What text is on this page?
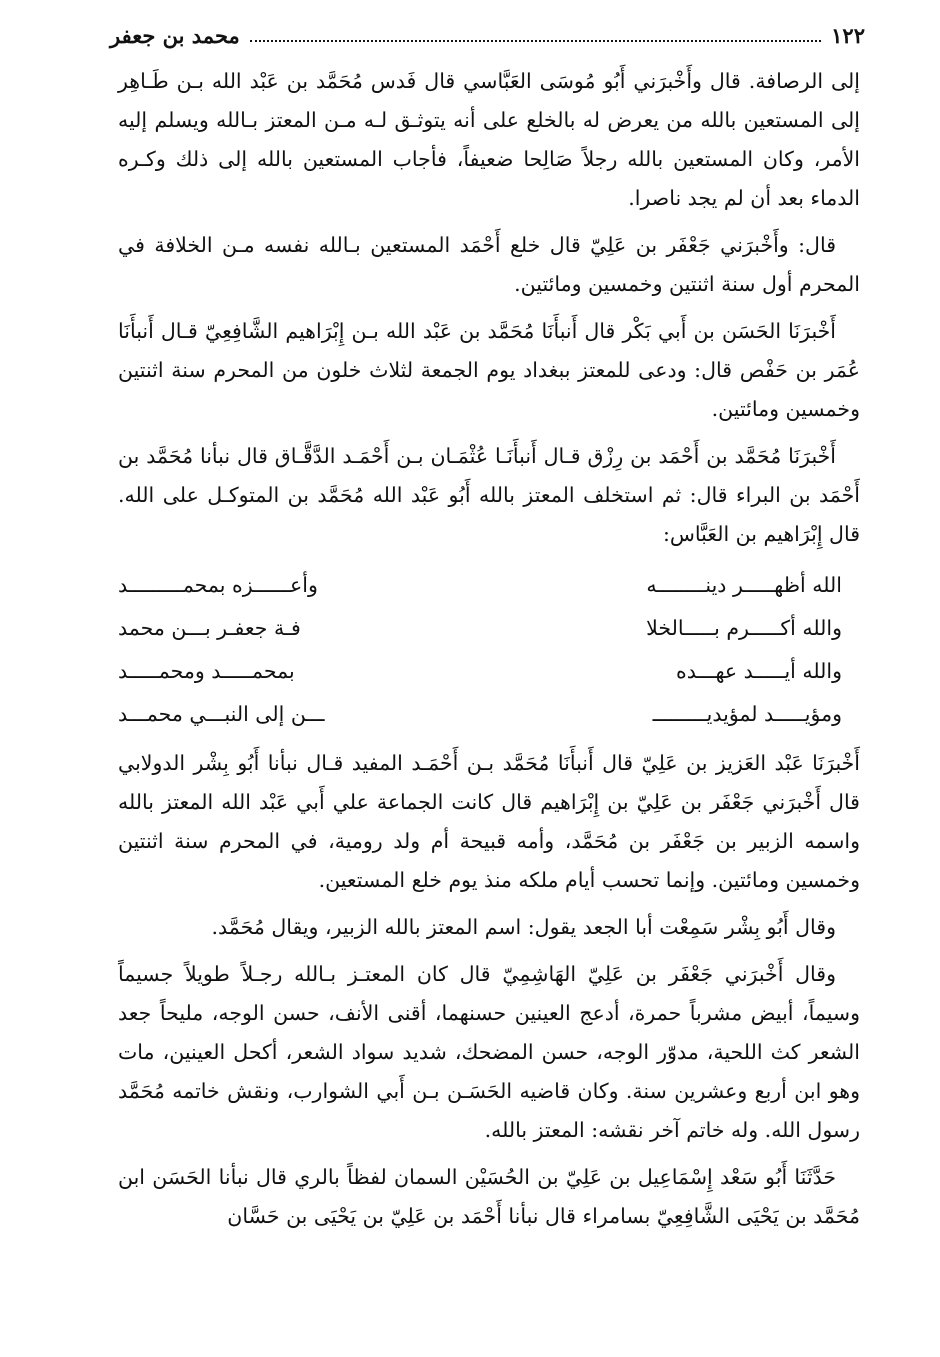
١٢٢
محمد بن جعفر

إلى الرصافة. قال وأَخْبرَني أَبُو مُوسَى العَبَّاسي قال فَدس مُحَمَّد بن عَبْد الله بـن طَـاهِر إلى المستعين بالله من يعرض له بالخلع على أنه يتوثـق لـه مـن المعتز بـالله ويسلم إليه الأمر، وكان المستعين بالله رجلاً صَالِحا ضعيفاً، فأجاب المستعين بالله إلى ذلك وكـره الدماء بعد أن لم يجد ناصرا.

قال: وأَخْبرَني جَعْفَر بن عَلِيّ قال خلع أَحْمَد المستعين بـالله نفسه مـن الخلافة في المحرم أول سنة اثنتين وخمسين ومائتين.

أَخْبرَنَا الحَسَن بن أَبي بَكْر قال أَنبأَنَا مُحَمَّد بن عَبْد الله بـن إِبْرَاهيم الشَّافِعِيّ قـال أَنبأَنَا عُمَر بن حَفْص قال: ودعى للمعتز ببغداد يوم الجمعة لثلاث خلون من المحرم سنة اثنتين وخمسين ومائتين.

أَخْبرَنَا مُحَمَّد بن أَحْمَد بن رِزْق قـال أَنبأَنَـا عُثْمَـان بـن أَحْمَـد الدَّقَّـاق قال نبأنا مُحَمَّد بن أَحْمَد بن البراء قال: ثم استخلف المعتز بالله أَبُو عَبْد الله مُحَمَّد بن المتوكـل على الله. قال إِبْرَاهيم بن العَبَّاس:

الله أظهـــــر دينــــــــه
وأعــــــزه بمحمـــــــــد
والله أكـــــرم بـــــالخلا
فـة جعفـر بـــن محمد
والله أيـــــد عهـــده
بمحمـــــد ومحمـــــد
ومؤيـــــد لمؤيديـــــــــ
ـــن إلى النبـــي محمـــد

أَخْبرَنَا عَبْد العَزيز بن عَلِيّ قال أَنبأَنَا مُحَمَّد بـن أَحْمَـد المفيد قـال نبأنا أَبُو بِشْر الدولابي قال أَخْبرَني جَعْفَر بن عَلِيّ بن إِبْرَاهيم قال كانت الجماعة علي أَبي عَبْد الله المعتز بالله واسمه الزبير بن جَعْفَر بن مُحَمَّد، وأمه قبيحة أم ولد رومية، في المحرم سنة اثنتين وخمسين ومائتين. وإنما تحسب أيام ملكه منذ يوم خلع المستعين.

وقال أَبُو بِشْر سَمِعْت أبا الجعد يقول: اسم المعتز بالله الزبير، ويقال مُحَمَّد.

وقال أَخْبرَني جَعْفَر بن عَلِيّ الهَاشِمِيّ قال كان المعتـز بـالله رجـلاً طويلاً جسيماً وسيماً، أبيض مشرباً حمرة، أدعج العينين حسنهما، أقنى الأنف، حسن الوجه، مليحاً جعد الشعر كث اللحية، مدوّر الوجه، حسن المضحك، شديد سواد الشعر، أكحل العينين، مات وهو ابن أربع وعشرين سنة. وكان قاضيه الحَسَـن بـن أَبي الشوارب، ونقش خاتمه مُحَمَّد رسول الله. وله خاتم آخر نقشه: المعتز بالله.

حَدَّثَنَا أَبُو سَعْد إِسْمَاعِيل بن عَلِيّ بن الحُسَيْن السمان لفظاً بالري قال نبأنا الحَسَن ابن مُحَمَّد بن يَحْيَى الشَّافِعِيّ بسامراء قال نبأنا أَحْمَد بن عَلِيّ بن يَحْيَى بن حَسَّان
